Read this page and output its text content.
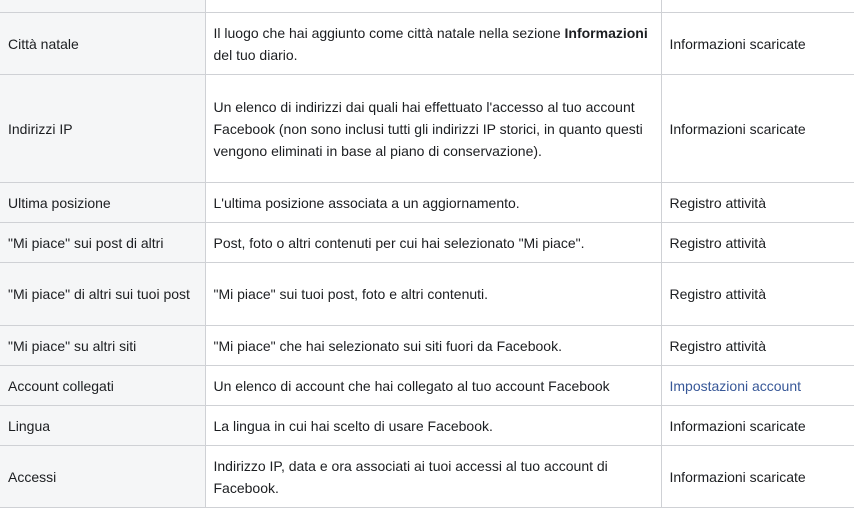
Città natale	Il luogo che hai aggiunto come città natale nella sezione Informazioni del tuo diario.	Informazioni scaricate
Indirizzi IP	Un elenco di indirizzi dai quali hai effettuato l'accesso al tuo account Facebook (non sono inclusi tutti gli indirizzi IP storici, in quanto questi vengono eliminati in base al piano di conservazione).	Informazioni scaricate
Ultima posizione	L'ultima posizione associata a un aggiornamento.	Registro attività
"Mi piace" sui post di altri	Post, foto o altri contenuti per cui hai selezionato "Mi piace".	Registro attività
"Mi piace" di altri sui tuoi post	"Mi piace" sui tuoi post, foto e altri contenuti.	Registro attività
"Mi piace" su altri siti	"Mi piace" che hai selezionato sui siti fuori da Facebook.	Registro attività
Account collegati	Un elenco di account che hai collegato al tuo account Facebook	Impostazioni account
Lingua	La lingua in cui hai scelto di usare Facebook.	Informazioni scaricate
Accessi	Indirizzo IP, data e ora associati ai tuoi accessi al tuo account di Facebook.	Informazioni scaricate
